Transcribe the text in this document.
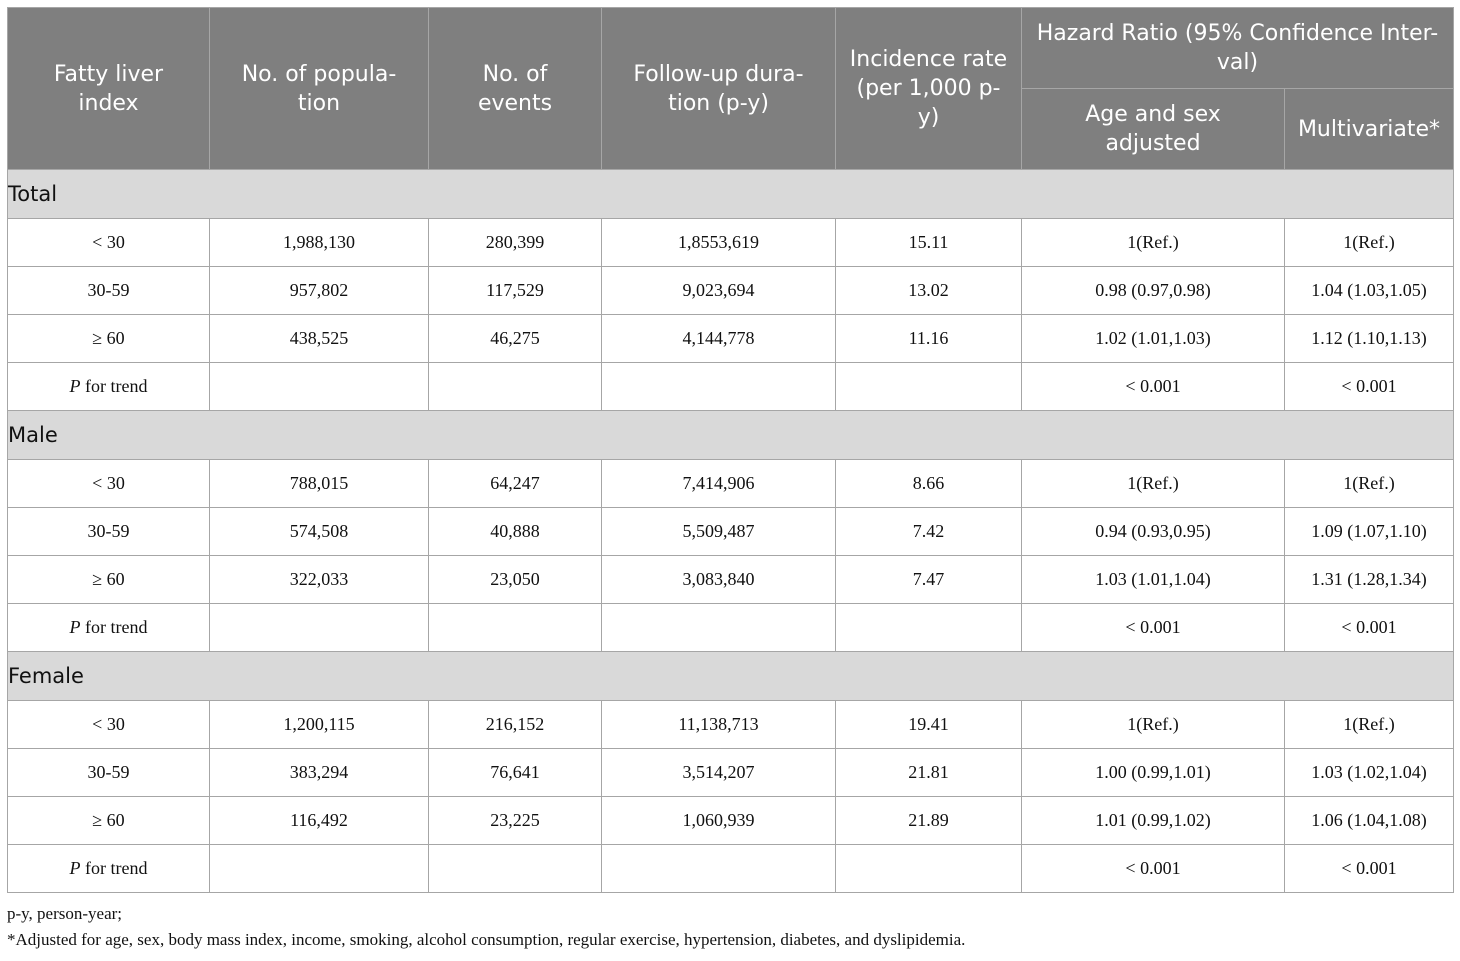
Fatty liver index	No. of popula-tion	No. of events	Follow-up dura-tion (p-y)	Incidence rate (per 1,000 p-y)	Hazard Ratio (95% Confidence Inter-val)	
					Age and sex adjusted	Multivariate*
Total						
< 30	1,988,130	280,399	1,8553,619	15.11	1(Ref.)	1(Ref.)
30-59	957,802	117,529	9,023,694	13.02	0.98 (0.97,0.98)	1.04 (1.03,1.05)
≥ 60	438,525	46,275	4,144,778	11.16	1.02 (1.01,1.03)	1.12 (1.10,1.13)
P for trend					< 0.001	< 0.001
Male						
< 30	788,015	64,247	7,414,906	8.66	1(Ref.)	1(Ref.)
30-59	574,508	40,888	5,509,487	7.42	0.94 (0.93,0.95)	1.09 (1.07,1.10)
≥ 60	322,033	23,050	3,083,840	7.47	1.03 (1.01,1.04)	1.31 (1.28,1.34)
P for trend					< 0.001	< 0.001
Female						
< 30	1,200,115	216,152	11,138,713	19.41	1(Ref.)	1(Ref.)
30-59	383,294	76,641	3,514,207	21.81	1.00 (0.99,1.01)	1.03 (1.02,1.04)
≥ 60	116,492	23,225	1,060,939	21.89	1.01 (0.99,1.02)	1.06 (1.04,1.08)
P for trend					< 0.001	< 0.001
p-y, person-year;
*Adjusted for age, sex, body mass index, income, smoking, alcohol consumption, regular exercise, hypertension, diabetes, and dyslipidemia.
